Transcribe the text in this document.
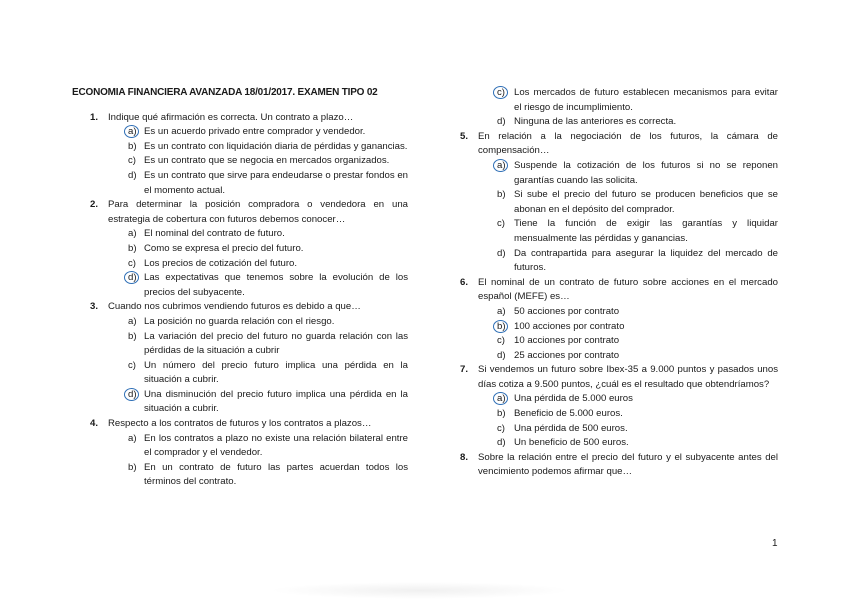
ECONOMIA FINANCIERA AVANZADA 18/01/2017. EXAMEN TIPO 02
1. Indique qué afirmación es correcta. Un contrato a plazo…
a) Es un acuerdo privado entre comprador y vendedor.
b) Es un contrato con liquidación diaria de pérdidas y ganancias.
c) Es un contrato que se negocia en mercados organizados.
d) Es un contrato que sirve para endeudarse o prestar fondos en el momento actual.
2. Para determinar la posición compradora o vendedora en una estrategia de cobertura con futuros debemos conocer…
a) El nominal del contrato de futuro.
b) Como se expresa el precio del futuro.
c) Los precios de cotización del futuro.
d) Las expectativas que tenemos sobre la evolución de los precios del subyacente.
3. Cuando nos cubrimos vendiendo futuros es debido a que…
a) La posición no guarda relación con el riesgo.
b) La variación del precio del futuro no guarda relación con las pérdidas de la situación a cubrir
c) Un número del precio futuro implica una pérdida en la situación a cubrir.
d) Una disminución del precio futuro implica una pérdida en la situación a cubrir.
4. Respecto a los contratos de futuros y los contratos a plazos…
a) En los contratos a plazo no existe una relación bilateral entre el comprador y el vendedor.
b) En un contrato de futuro las partes acuerdan todos los términos del contrato.
c) Los mercados de futuro establecen mecanismos para evitar el riesgo de incumplimiento.
d) Ninguna de las anteriores es correcta.
5. En relación a la negociación de los futuros, la cámara de compensación…
a) Suspende la cotización de los futuros si no se reponen garantías cuando las solicita.
b) Si sube el precio del futuro se producen beneficios que se abonan en el depósito del comprador.
c) Tiene la función de exigir las garantías y liquidar mensualmente las pérdidas y ganancias.
d) Da contrapartida para asegurar la liquidez del mercado de futuros.
6. El nominal de un contrato de futuro sobre acciones en el mercado español (MEFE) es…
a) 50 acciones por contrato
b) 100 acciones por contrato
c) 10 acciones por contrato
d) 25 acciones por contrato
7. Si vendemos un futuro sobre Ibex-35 a 9.000 puntos y pasados unos días cotiza a 9.500 puntos, ¿cuál es el resultado que obtendríamos?
a) Una pérdida de 5.000 euros
b) Beneficio de 5.000 euros.
c) Una pérdida de 500 euros.
d) Un beneficio de 500 euros.
8. Sobre la relación entre el precio del futuro y el subyacente antes del vencimiento podemos afirmar que…
1
